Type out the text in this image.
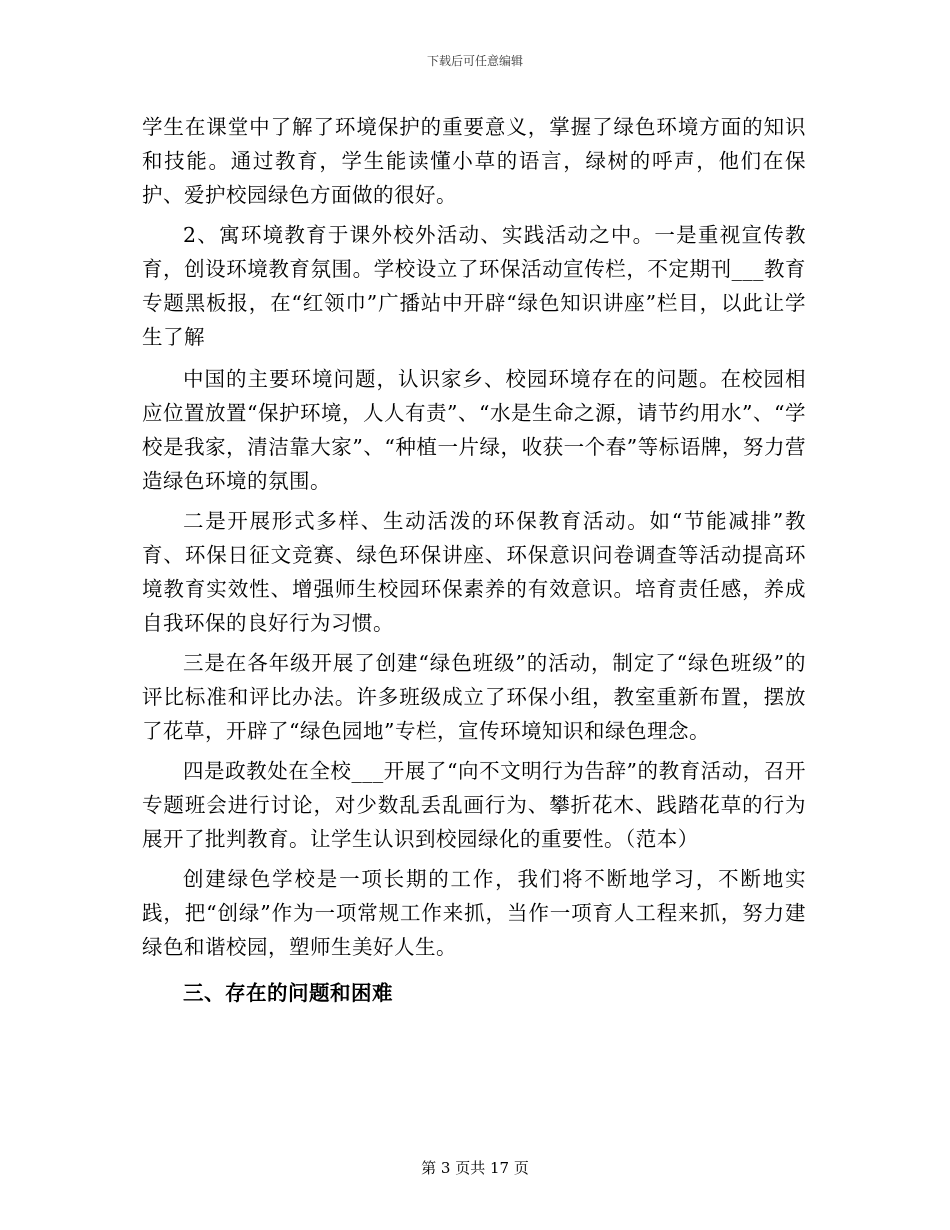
下载后可任意编辑

学生在课堂中了解了环境保护的重要意义，掌握了绿色环境方面的知识和技能。通过教育，学生能读懂小草的语言，绿树的呼声，他们在保护、爱护校园绿色方面做的很好。

2、寓环境教育于课外校外活动、实践活动之中。一是重视宣传教育，创设环境教育氛围。学校设立了环保活动宣传栏，不定期刊___教育专题黑板报，在“红领巾”广播站中开辟“绿色知识讲座”栏目，以此让学生了解

中国的主要环境问题，认识家乡、校园环境存在的问题。在校园相应位置放置“保护环境，人人有责”、“水是生命之源，请节约用水”、“学校是我家，清洁靠大家”、“种植一片绿，收获一个春”等标语牌，努力营造绿色环境的氛围。

二是开展形式多样、生动活泼的环保教育活动。如“节能减排”教育、环保日征文竞赛、绿色环保讲座、环保意识问卷调查等活动提高环境教育实效性、增强师生校园环保素养的有效意识。培育责任感，养成自我环保的良好行为习惯。

三是在各年级开展了创建“绿色班级”的活动，制定了“绿色班级”的评比标准和评比办法。许多班级成立了环保小组，教室重新布置，摆放了花草，开辟了“绿色园地”专栏，宣传环境知识和绿色理念。

四是政教处在全校___开展了“向不文明行为告辞”的教育活动，召开专题班会进行讨论，对少数乱丢乱画行为、攀折花木、践踏花草的行为展开了批判教育。让学生认识到校园绿化的重要性。（范本）

创建绿色学校是一项长期的工作，我们将不断地学习，不断地实践，把“创绿”作为一项常规工作来抓，当作一项育人工程来抓，努力建绿色和谐校园，塑师生美好人生。

三、存在的问题和困难

第 3 页共 17 页
